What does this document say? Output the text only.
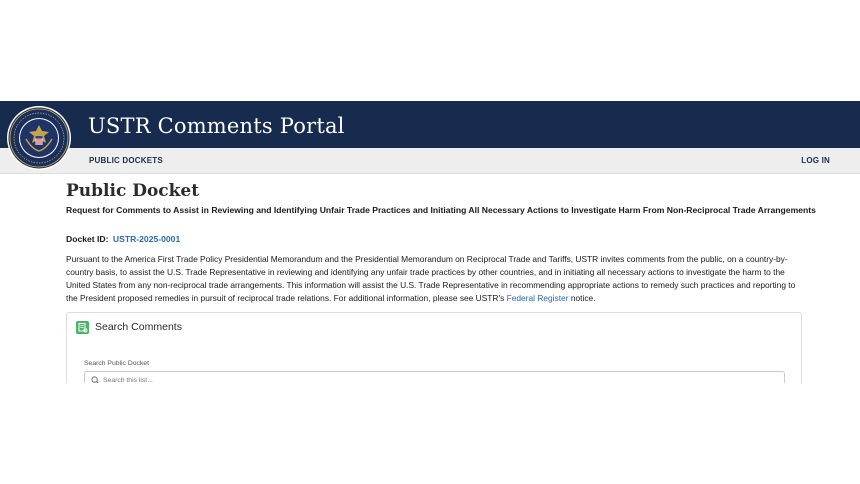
USTR Comments Portal
PUBLIC DOCKETS	LOG IN
Public Docket

Request for Comments to Assist in Reviewing and Identifying Unfair Trade Practices and Initiating All Necessary Actions to Investigate Harm From Non-Reciprocal Trade Arrangements

Docket ID: USTR-2025-0001

Pursuant to the America First Trade Policy Presidential Memorandum and the Presidential Memorandum on Reciprocal Trade and Tariffs, USTR invites comments from the public, on a country-by-country basis, to assist the U.S. Trade Representative in reviewing and identifying any unfair trade practices by other countries, and in initiating all necessary actions to investigate the harm to the United States from any non-reciprocal trade arrangements. This information will assist the U.S. Trade Representative in recommending appropriate actions to remedy such practices and reporting to the President proposed remedies in pursuit of reciprocal trade relations. For additional information, please see USTR's Federal Register notice.

Search Comments
Search Public Docket
Search this list...
